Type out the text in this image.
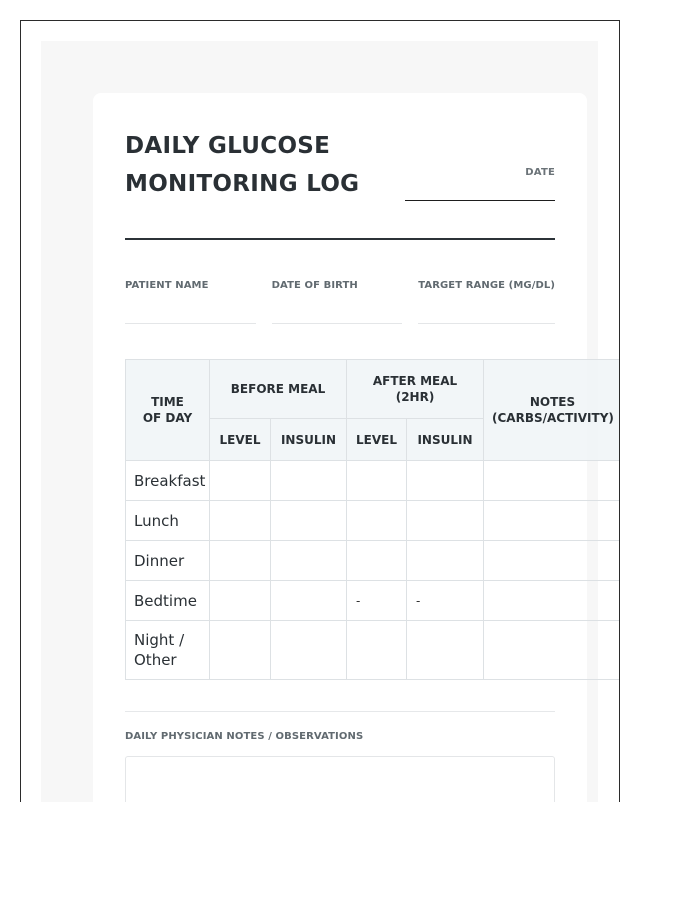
DAILY GLUCOSE
MONITORING LOG	DATE
PATIENT NAME	DATE OF BIRTH	TARGET RANGE (MG/DL)
TIME OF DAY	BEFORE MEAL		AFTER MEAL (2HR)		NOTES (CARBS/ACTIVITY)
	LEVEL	INSULIN	LEVEL	INSULIN	
Breakfast					
Lunch					
Dinner					
Bedtime			-	-	
Night / Other					
DAILY PHYSICIAN NOTES / OBSERVATIONS
